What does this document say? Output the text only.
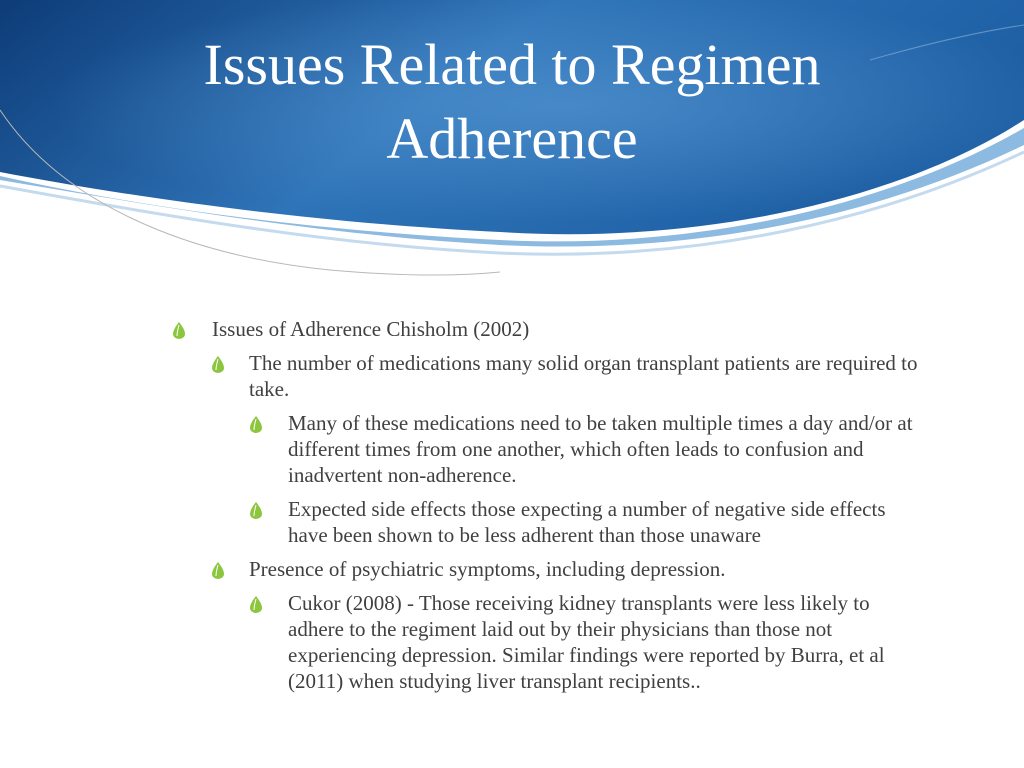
Issues Related to Regimen
Adherence
Issues of Adherence Chisholm (2002)
The number of medications many solid organ transplant patients are required to take.
Many of these medications need to be taken multiple times a day and/or at different times from one another, which often leads to confusion and inadvertent non-adherence.
Expected side effects those expecting a number of negative side effects have been shown to be less adherent than those unaware
Presence of psychiatric symptoms, including depression.
Cukor (2008) - Those receiving kidney transplants were less likely to adhere to the regiment laid out by their physicians than those not experiencing depression. Similar findings were reported by Burra, et al (2011) when studying liver transplant recipients..
